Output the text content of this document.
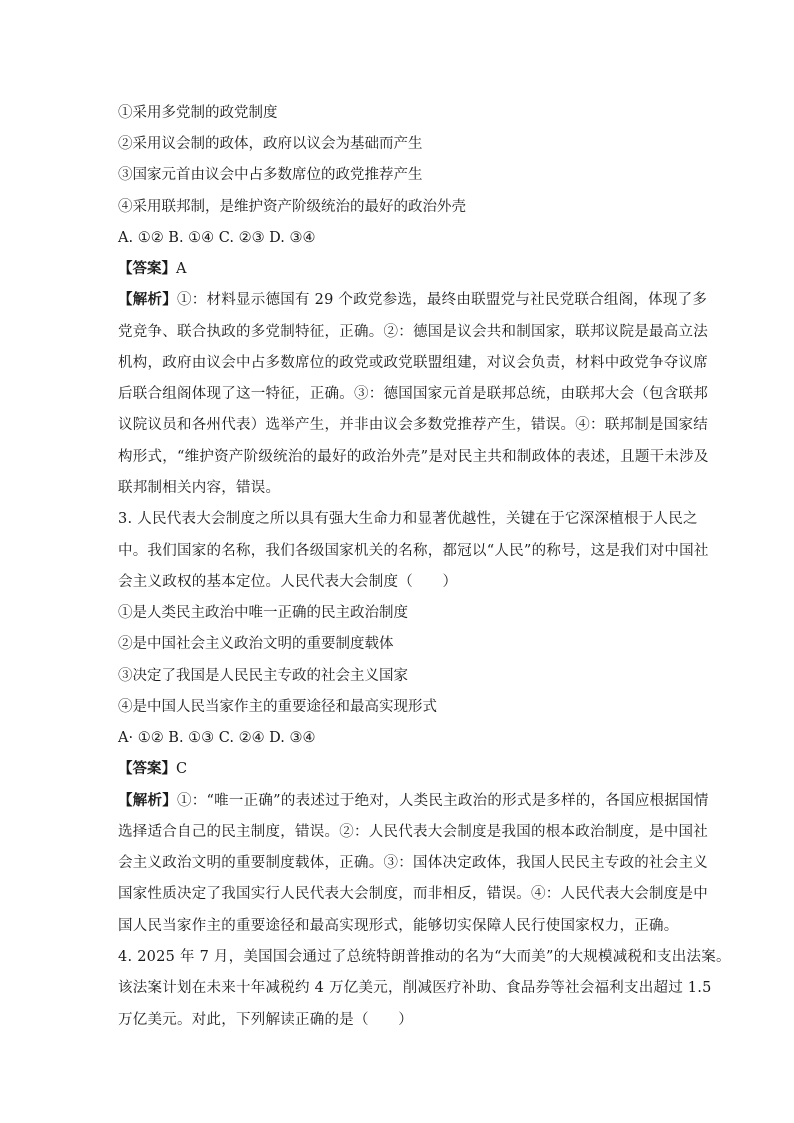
①采用多党制的政党制度
②采用议会制的政体，政府以议会为基础而产生
③国家元首由议会中占多数席位的政党推荐产生
④采用联邦制，是维护资产阶级统治的最好的政治外壳
A. ①② B. ①④ C. ②③ D. ③④
【答案】A
【解析】①：材料显示德国有 29 个政党参选，最终由联盟党与社民党联合组阁，体现了多
党竞争、联合执政的多党制特征，正确。②：德国是议会共和制国家，联邦议院是最高立法
机构，政府由议会中占多数席位的政党或政党联盟组建，对议会负责，材料中政党争夺议席
后联合组阁体现了这一特征，正确。③：德国国家元首是联邦总统，由联邦大会（包含联邦
议院议员和各州代表）选举产生，并非由议会多数党推荐产生，错误。④：联邦制是国家结
构形式，“维护资产阶级统治的最好的政治外壳”是对民主共和制政体的表述，且题干未涉及
联邦制相关内容，错误。
3. 人民代表大会制度之所以具有强大生命力和显著优越性，关键在于它深深植根于人民之
中。我们国家的名称，我们各级国家机关的名称，都冠以“人民”的称号，这是我们对中国社
会主义政权的基本定位。人民代表大会制度（　　）
①是人类民主政治中唯一正确的民主政治制度
②是中国社会主义政治文明的重要制度载体
③决定了我国是人民民主专政的社会主义国家
④是中国人民当家作主的重要途径和最高实现形式
A· ①② B. ①③ C. ②④ D. ③④
【答案】C
【解析】①：“唯一正确”的表述过于绝对，人类民主政治的形式是多样的，各国应根据国情
选择适合自己的民主制度，错误。②：人民代表大会制度是我国的根本政治制度，是中国社
会主义政治文明的重要制度载体，正确。③：国体决定政体，我国人民民主专政的社会主义
国家性质决定了我国实行人民代表大会制度，而非相反，错误。④：人民代表大会制度是中
国人民当家作主的重要途径和最高实现形式，能够切实保障人民行使国家权力，正确。
4. 2025 年 7 月，美国国会通过了总统特朗普推动的名为“大而美”的大规模减税和支出法案。
该法案计划在未来十年减税约 4 万亿美元，削减医疗补助、食品券等社会福利支出超过 1.5
万亿美元。对此，下列解读正确的是（　　）
